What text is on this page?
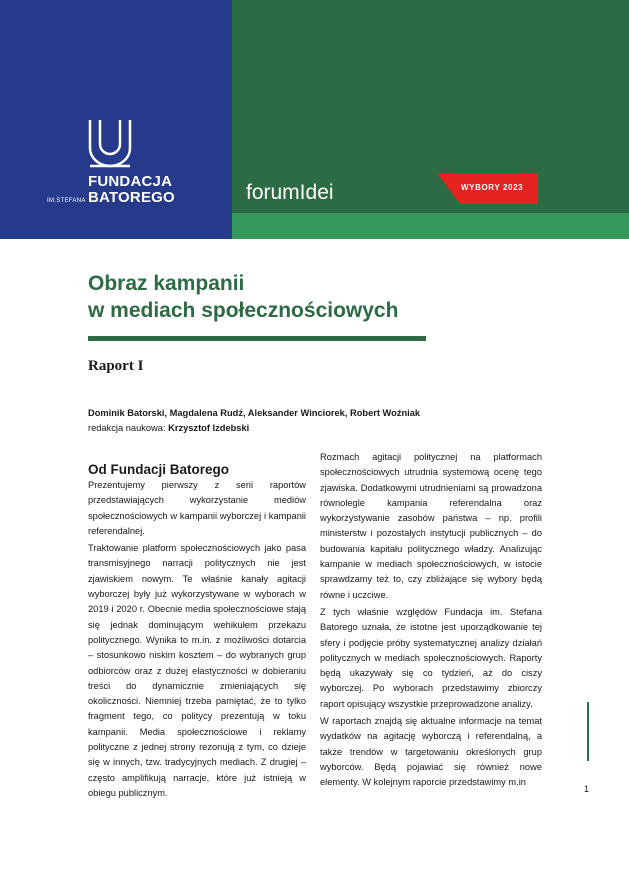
FUNDACJA
BATOREGO
IM.STEFANA	forumIdei	WYBORY 2023
Obraz kampanii
w mediach społecznościowych
Raport I
Dominik Batorski, Magdalena Rudź, Aleksander Winciorek, Robert Woźniak
redakcja naukowa: Krzysztof Izdebski
Od Fundacji Batorego

Prezentujemy pierwszy z serii raportów przedstawiających wykorzystanie mediów społecznościowych w kampanii wyborczej i kampanii referendalnej.

Traktowanie platform społecznościowych jako pasa transmisyjnego narracji politycznych nie jest zjawiskiem nowym. Te właśnie kanały agitacji wyborczej były już wykorzystywane w wyborach w 2019 i 2020 r. Obecnie media społecznościowe stają się jednak dominującym wehikułem przekazu politycznego. Wynika to m.in. z możliwości dotarcia – stosunkowo niskim kosztem – do wybranych grup odbiorców oraz z dużej elastyczności w dobieraniu treści do dynamicznie zmieniających się okoliczności. Niemniej trzeba pamiętać, że to tylko fragment tego, co politycy prezentują w toku kampanii. Media społecznościowe i reklamy polityczne z jednej strony rezonują z tym, co dzieje się w innych, tzw. tradycyjnych mediach. Z drugiej – często amplifikują narracje, które już istnieją w obiegu publicznym.

Rozmach agitacji politycznej na platformach społecznościowych utrudnia systemową ocenę tego zjawiska. Dodatkowymi utrudnieniami są prowadzona równolegle kampania referendalna oraz wykorzystywanie zasobów państwa – np. profili ministerstw i pozostałych instytucji publicznych – do budowania kapitału politycznego władzy. Analizując kampanie w mediach społecznościowych, w istocie sprawdzamy też to, czy zbliżające się wybory będą równe i uczciwe.

Z tych właśnie względów Fundacja im. Stefana Batorego uznała, że istotne jest uporządkowanie tej sfery i podjęcie próby systematycznej analizy działań politycznych w mediach społecznościowych. Raporty będą ukazywały się co tydzień, aż do ciszy wyborczej. Po wyborach przedstawimy zbiorczy raport opisujący wszystkie przeprowadzone analizy.

W raportach znajdą się aktualne informacje na temat wydatków na agitację wyborczą i referendalną, a także trendów w targetowaniu określonych grup wyborców. Będą pojawiać się również nowe elementy. W kolejnym raporcie przedstawimy m.in

1
